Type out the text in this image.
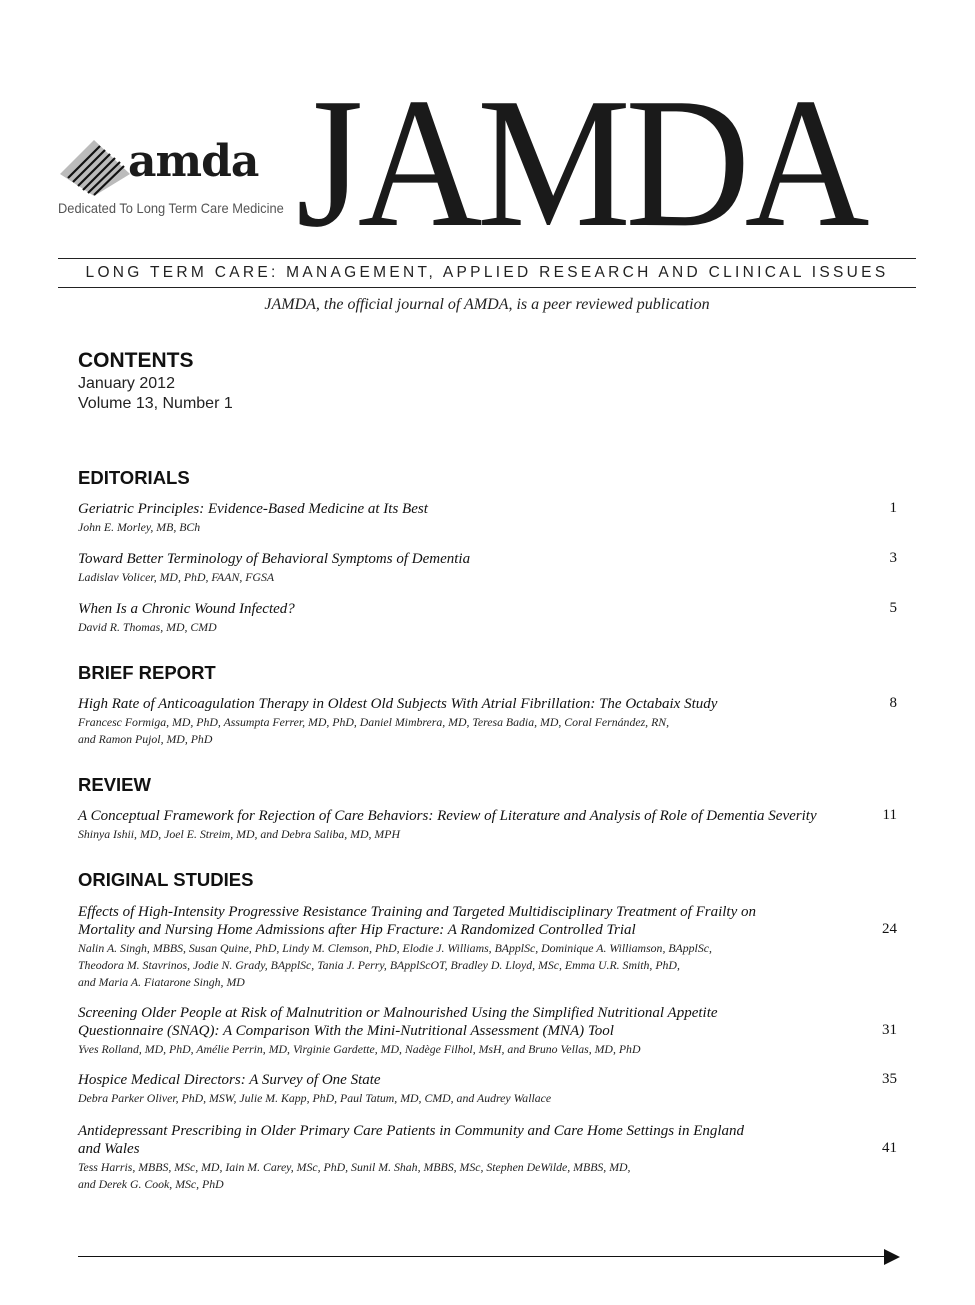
amda
Dedicated To Long Term Care Medicine JAMDA
LONG TERM CARE: MANAGEMENT, APPLIED RESEARCH AND CLINICAL ISSUES
JAMDA, the official journal of AMDA, is a peer reviewed publication
CONTENTS
January 2012
Volume 13, Number 1
EDITORIALS
Geriatric Principles: Evidence-Based Medicine at Its Best
John E. Morley, MB, BCh
1
Toward Better Terminology of Behavioral Symptoms of Dementia
Ladislav Volicer, MD, PhD, FAAN, FGSA
3
When Is a Chronic Wound Infected?
David R. Thomas, MD, CMD
5
BRIEF REPORT
High Rate of Anticoagulation Therapy in Oldest Old Subjects With Atrial Fibrillation: The Octabaix Study
Francesc Formiga, MD, PhD, Assumpta Ferrer, MD, PhD, Daniel Mimbrera, MD, Teresa Badia, MD, Coral Fernández, RN,
and Ramon Pujol, MD, PhD
8
REVIEW
A Conceptual Framework for Rejection of Care Behaviors: Review of Literature and Analysis of Role of Dementia Severity
Shinya Ishii, MD, Joel E. Streim, MD, and Debra Saliba, MD, MPH
11
ORIGINAL STUDIES
Effects of High-Intensity Progressive Resistance Training and Targeted Multidisciplinary Treatment of Frailty on
Mortality and Nursing Home Admissions after Hip Fracture: A Randomized Controlled Trial
Nalin A. Singh, MBBS, Susan Quine, PhD, Lindy M. Clemson, PhD, Elodie J. Williams, BApplSc, Dominique A. Williamson, BApplSc,
Theodora M. Stavrinos, Jodie N. Grady, BApplSc, Tania J. Perry, BApplScOT, Bradley D. Lloyd, MSc, Emma U.R. Smith, PhD,
and Maria A. Fiatarone Singh, MD
24
Screening Older People at Risk of Malnutrition or Malnourished Using the Simplified Nutritional Appetite
Questionnaire (SNAQ): A Comparison With the Mini-Nutritional Assessment (MNA) Tool
Yves Rolland, MD, PhD, Amélie Perrin, MD, Virginie Gardette, MD, Nadège Filhol, MsH, and Bruno Vellas, MD, PhD
31
Hospice Medical Directors: A Survey of One State
Debra Parker Oliver, PhD, MSW, Julie M. Kapp, PhD, Paul Tatum, MD, CMD, and Audrey Wallace
35
Antidepressant Prescribing in Older Primary Care Patients in Community and Care Home Settings in England
and Wales
Tess Harris, MBBS, MSc, MD, Iain M. Carey, MSc, PhD, Sunil M. Shah, MBBS, MSc, Stephen DeWilde, MBBS, MD,
and Derek G. Cook, MSc, PhD
41
